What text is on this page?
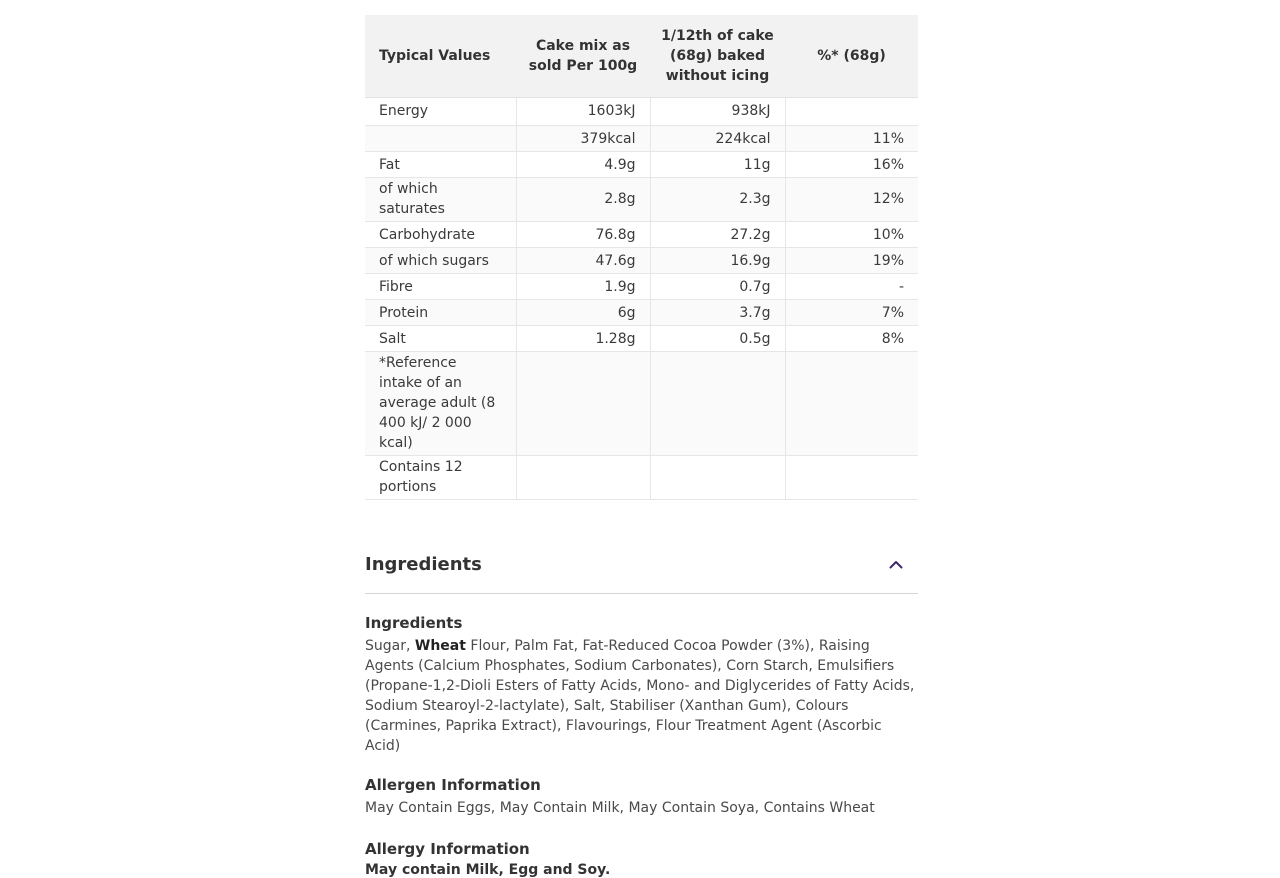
Typical Values	Cake mix as sold Per 100g	1/12th of cake (68g) baked without icing	%* (68g)
Energy	1603kJ	938kJ	
	379kcal	224kcal	11%
Fat	4.9g	11g	16%
of which saturates	2.8g	2.3g	12%
Carbohydrate	76.8g	27.2g	10%
of which sugars	47.6g	16.9g	19%
Fibre	1.9g	0.7g	-
Protein	6g	3.7g	7%
Salt	1.28g	0.5g	8%
*Reference intake of an average adult (8 400 kJ/ 2 000 kcal)			
Contains 12 portions			
Ingredients

Ingredients

Sugar, Wheat Flour, Palm Fat, Fat-Reduced Cocoa Powder (3%), Raising Agents (Calcium Phosphates, Sodium Carbonates), Corn Starch, Emulsifiers (Propane-1,2-Dioli Esters of Fatty Acids, Mono- and Diglycerides of Fatty Acids, Sodium Stearoyl-2-lactylate), Salt, Stabiliser (Xanthan Gum), Colours (Carmines, Paprika Extract), Flavourings, Flour Treatment Agent (Ascorbic Acid)

Allergen Information

May Contain Eggs, May Contain Milk, May Contain Soya, Contains Wheat

Allergy Information

May contain Milk, Egg and Soy.
